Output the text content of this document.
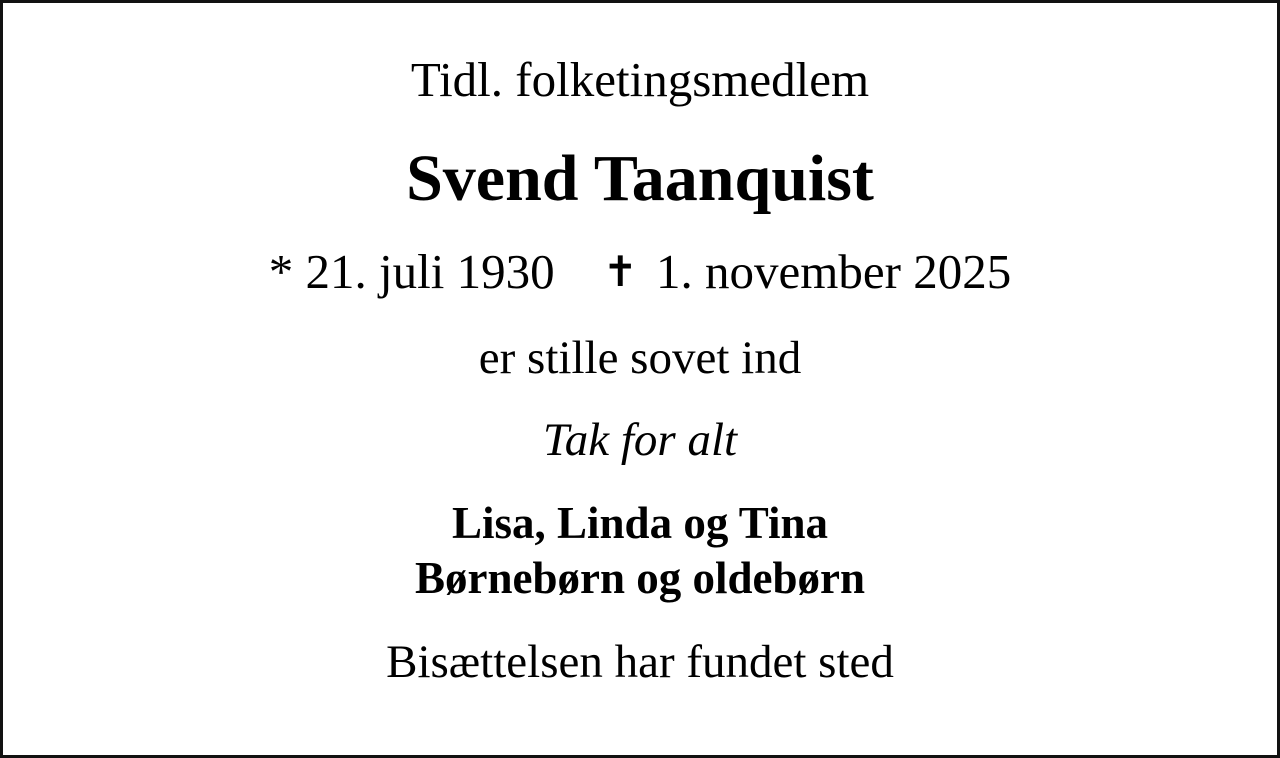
Tidl. folketingsmedlem
Svend Taanquist
* 21. juli 1930 ✝ 1. november 2025
er stille sovet ind
Tak for alt
Lisa, Linda og Tina
Børnebørn og oldebørn
Bisættelsen har fundet sted
